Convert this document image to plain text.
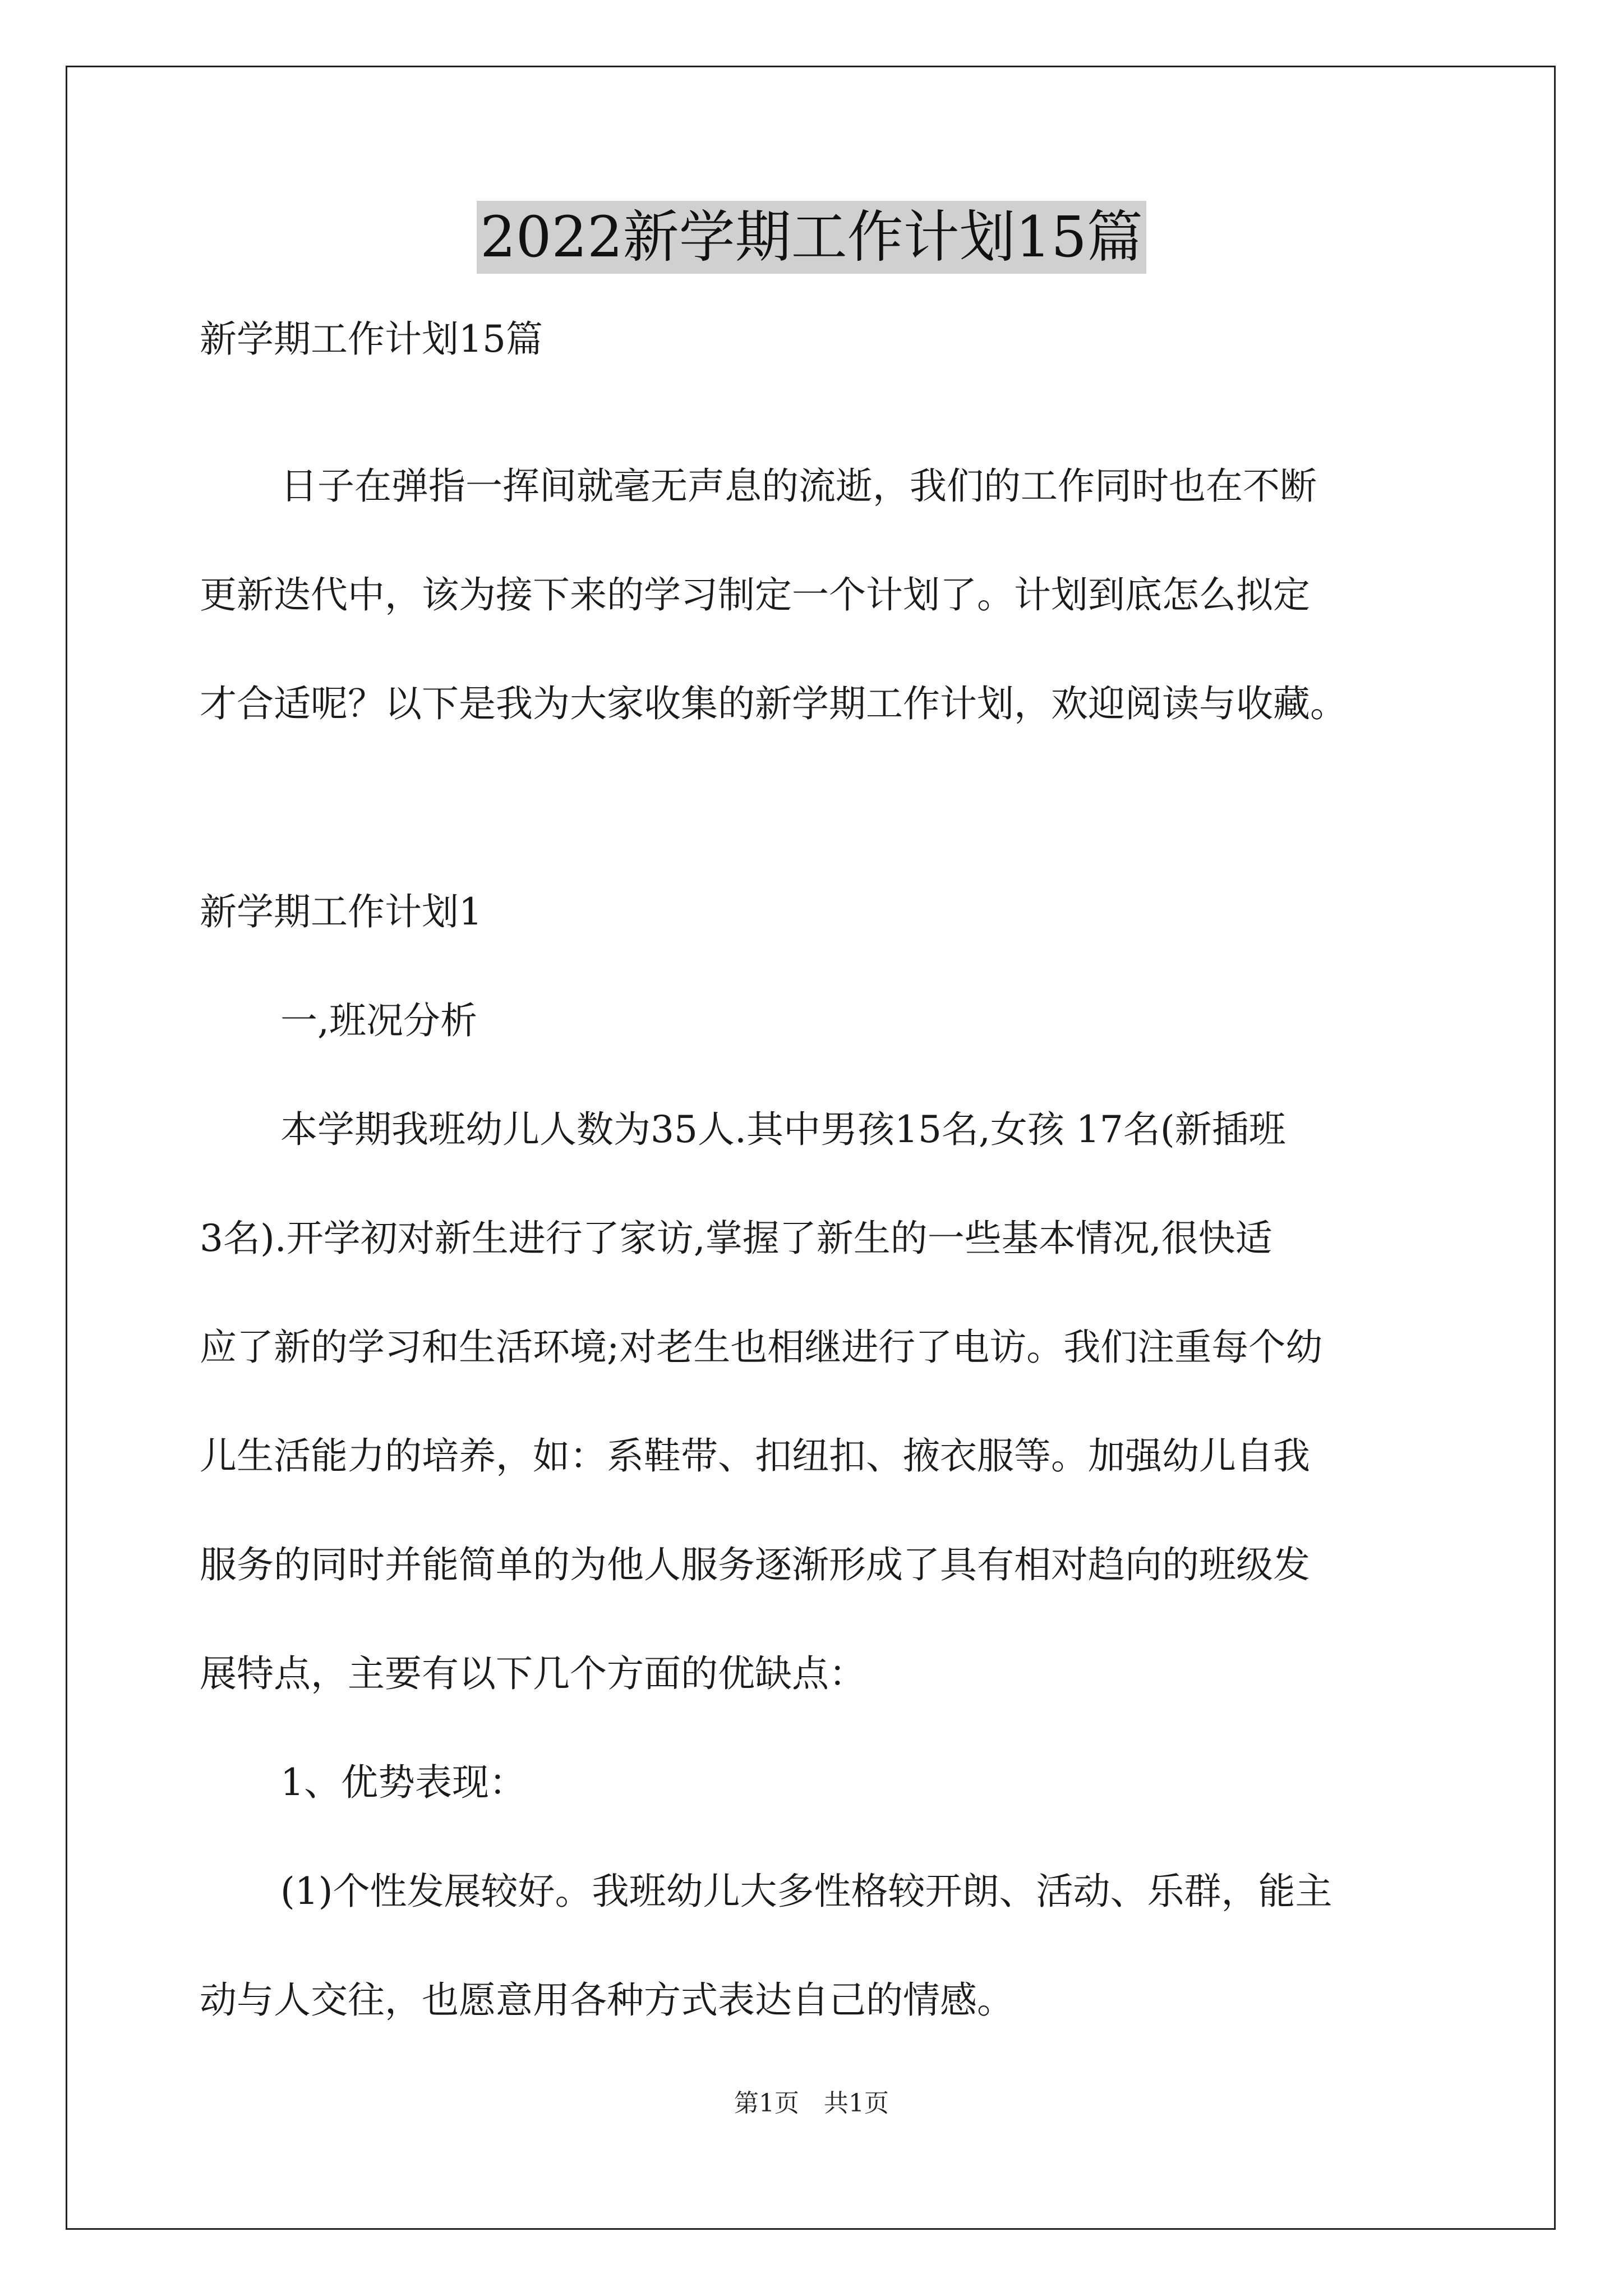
2022新学期工作计划15篇
新学期工作计划15篇
日子在弹指一挥间就毫无声息的流逝，我们的工作同时也在不断
更新迭代中，该为接下来的学习制定一个计划了。计划到底怎么拟定
才合适呢？以下是我为大家收集的新学期工作计划，欢迎阅读与收藏。
新学期工作计划1
一,班况分析
本学期我班幼儿人数为35人.其中男孩15名,女孩 17名(新插班
3名).开学初对新生进行了家访,掌握了新生的一些基本情况,很快适
应了新的学习和生活环境;对老生也相继进行了电访。我们注重每个幼
儿生活能力的培养，如：系鞋带、扣纽扣、掖衣服等。加强幼儿自我
服务的同时并能简单的为他人服务逐渐形成了具有相对趋向的班级发
展特点，主要有以下几个方面的优缺点：
1、优势表现：
(1)个性发展较好。我班幼儿大多性格较开朗、活动、乐群，能主
动与人交往，也愿意用各种方式表达自己的情感。
第1页　共1页
